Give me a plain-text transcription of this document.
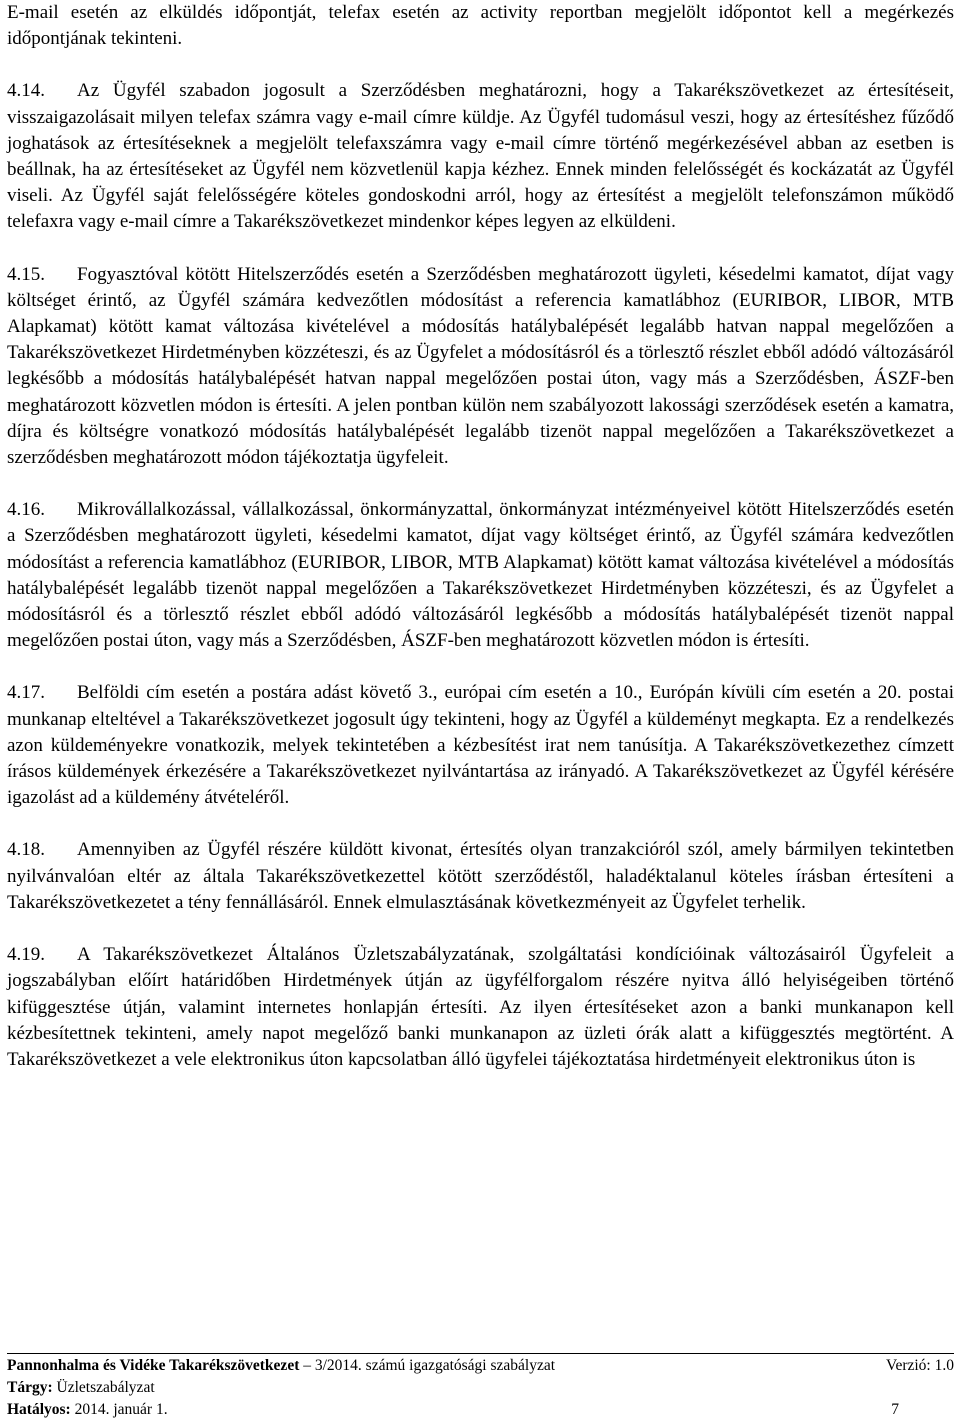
E-mail esetén az elküldés időpontját, telefax esetén az activity reportban megjelölt időpontot kell a megérkezés időpontjának tekinteni.

4.14. Az Ügyfél szabadon jogosult a Szerződésben meghatározni, hogy a Takarékszövetkezet az értesítéseit, visszaigazolásait milyen telefax számra vagy e-mail címre küldje. Az Ügyfél tudomásul veszi, hogy az értesítéshez fűződő joghatások az értesítéseknek a megjelölt telefaxszámra vagy e-mail címre történő megérkezésével abban az esetben is beállnak, ha az értesítéseket az Ügyfél nem közvetlenül kapja kézhez. Ennek minden felelősségét és kockázatát az Ügyfél viseli. Az Ügyfél saját felelősségére köteles gondoskodni arról, hogy az értesítést a megjelölt telefonszámon működő telefaxra vagy e-mail címre a Takarékszövetkezet mindenkor képes legyen az elküldeni.

4.15. Fogyasztóval kötött Hitelszerződés esetén a Szerződésben meghatározott ügyleti, késedelmi kamatot, díjat vagy költséget érintő, az Ügyfél számára kedvezőtlen módosítást a referencia kamatlábhoz (EURIBOR, LIBOR, MTB Alapkamat) kötött kamat változása kivételével a módosítás hatálybalépését legalább hatvan nappal megelőzően a Takarékszövetkezet Hirdetményben közzéteszi, és az Ügyfelet a módosításról és a törlesztő részlet ebből adódó változásáról legkésőbb a módosítás hatálybalépését hatvan nappal megelőzően postai úton, vagy más a Szerződésben, ÁSZF-ben meghatározott közvetlen módon is értesíti. A jelen pontban külön nem szabályozott lakossági szerződések esetén a kamatra, díjra és költségre vonatkozó módosítás hatálybalépését legalább tizenöt nappal megelőzően a Takarékszövetkezet a szerződésben meghatározott módon tájékoztatja ügyfeleit.

4.16. Mikrovállalkozással, vállalkozással, önkormányzattal, önkormányzat intézményeivel kötött Hitelszerződés esetén a Szerződésben meghatározott ügyleti, késedelmi kamatot, díjat vagy költséget érintő, az Ügyfél számára kedvezőtlen módosítást a referencia kamatlábhoz (EURIBOR, LIBOR, MTB Alapkamat) kötött kamat változása kivételével a módosítás hatálybalépését legalább tizenöt nappal megelőzően a Takarékszövetkezet Hirdetményben közzéteszi, és az Ügyfelet a módosításról és a törlesztő részlet ebből adódó változásáról legkésőbb a módosítás hatálybalépését tizenöt nappal megelőzően postai úton, vagy más a Szerződésben, ÁSZF-ben meghatározott közvetlen módon is értesíti.

4.17. Belföldi cím esetén a postára adást követő 3., európai cím esetén a 10., Európán kívüli cím esetén a 20. postai munkanap elteltével a Takarékszövetkezet jogosult úgy tekinteni, hogy az Ügyfél a küldeményt megkapta. Ez a rendelkezés azon küldeményekre vonatkozik, melyek tekintetében a kézbesítést irat nem tanúsítja. A Takarékszövetkezethez címzett írásos küldemények érkezésére a Takarékszövetkezet nyilvántartása az irányadó. A Takarékszövetkezet az Ügyfél kérésére igazolást ad a küldemény átvételéről.

4.18. Amennyiben az Ügyfél részére küldött kivonat, értesítés olyan tranzakcióról szól, amely bármilyen tekintetben nyilvánvalóan eltér az általa Takarékszövetkezettel kötött szerződéstől, haladéktalanul köteles írásban értesíteni a Takarékszövetkezetet a tény fennállásáról. Ennek elmulasztásának következményeit az Ügyfelet terhelik.

4.19. A Takarékszövetkezet Általános Üzletszabályzatának, szolgáltatási kondícióinak változásairól Ügyfeleit a jogszabályban előírt határidőben Hirdetmények útján az ügyfélforgalom részére nyitva álló helyiségeiben történő kifüggesztése útján, valamint internetes honlapján értesíti. Az ilyen értesítéseket azon a banki munkanapon kell kézbesítettnek tekinteni, amely napot megelőző banki munkanapon az üzleti órák alatt a kifüggesztés megtörtént. A Takarékszövetkezet a vele elektronikus úton kapcsolatban álló ügyfelei tájékoztatása hirdetményeit elektronikus úton is

Pannonhalma és Vidéke Takarékszövetkezet – 3/2014. számú igazgatósági szabályzat	Verzió: 1.0
Tárgy: Üzletszabályzat
Hatályos: 2014. január 1.	7
